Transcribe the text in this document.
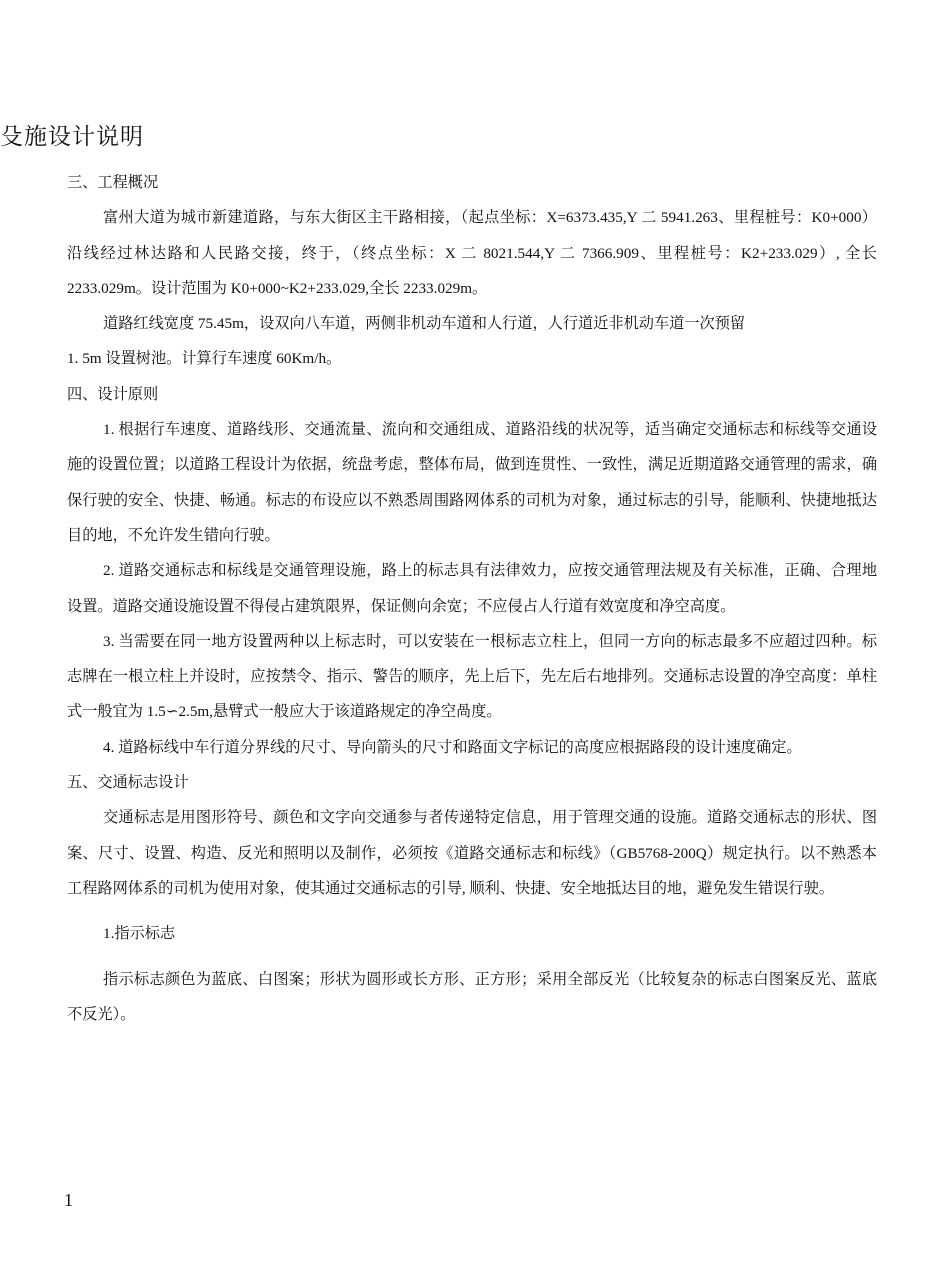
殳施设计说明

三、工程概况

富州大道为城市新建道路，与东大街区主干路相接，（起点坐标：X=6373.435,Y 二 5941.263、里程桩号：K0+000）沿线经过林达路和人民路交接，终于，（终点坐标：X 二 8021.544,Y 二 7366.909、里程桩号：K2+233.029）, 全长 2233.029m。设计范围为 K0+000~K2+233.029,全长 2233.029m。

道路红线宽度 75.45m，设双向八车道，两侧非机动车道和人行道，人行道近非机动车道一次预留

1. 5m 设置树池。计算行车速度 60Km/h。

四、设计原则

1. 根据行车速度、道路线形、交通流量、流向和交通组成、道路沿线的状况等，适当确定交通标志和标线等交通设施的设置位置；以道路工程设计为依据，统盘考虑，整体布局，做到连贯性、一致性，满足近期道路交通管理的需求，确保行驶的安全、快捷、畅通。标志的布设应以不熟悉周围路网体系的司机为对象，通过标志的引导，能顺利、快捷地抵达目的地，不允许发生错向行驶。

2. 道路交通标志和标线是交通管理设施，路上的标志具有法律效力，应按交通管理法规及有关标准，正确、合理地设置。道路交通设施设置不得侵占建筑限界，保证侧向余宽；不应侵占人行道有效宽度和净空高度。

3. 当需要在同一地方设置两种以上标志时，可以安装在一根标志立柱上，但同一方向的标志最多不应超过四种。标志牌在一根立柱上并设时，应按禁令、指示、警告的顺序，先上后下，先左后右地排列。交通标志设置的净空高度：单柱式一般宜为 1.5∽2.5m,悬臂式一般应大于该道路规定的净空咼度。

4. 道路标线中车行道分界线的尺寸、导向箭头的尺寸和路面文字标记的高度应根据路段的设计速度确定。

五、交通标志设计

交通标志是用图形符号、颜色和文字向交通参与者传递特定信息，用于管理交通的设施。道路交通标志的形状、图案、尺寸、设置、构造、反光和照明以及制作，必须按《道路交通标志和标线》（GB5768-200Q）规定执行。以不熟悉本工程路网体系的司机为使用对象，使其通过交通标志的引导, 顺利、快捷、安全地抵达目的地，避免发生错误行驶。

1.指示标志

指示标志颜色为蓝底、白图案；形状为圆形或长方形、正方形；采用全部反光（比较复杂的标志白图案反光、蓝底不反光）。

1
